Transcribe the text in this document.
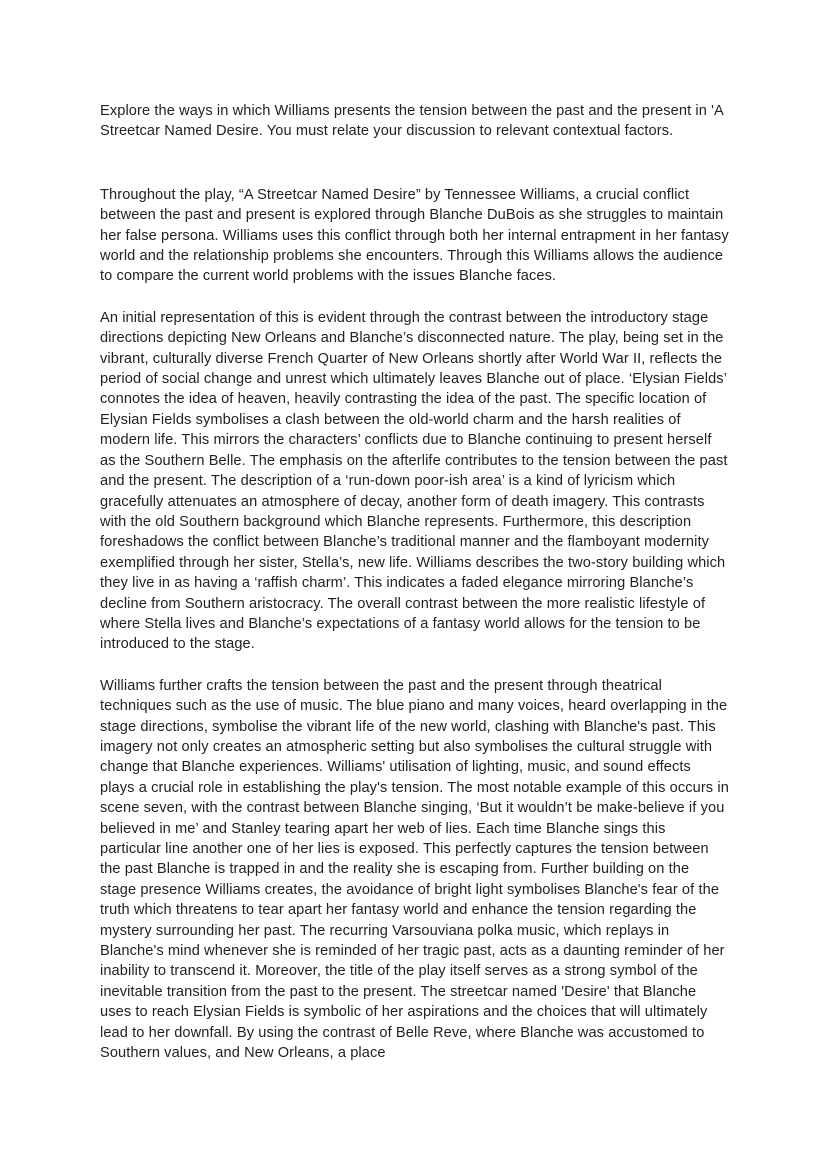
Explore the ways in which Williams presents the tension between the past and the present in 'A Streetcar Named Desire. You must relate your discussion to relevant contextual factors.

Throughout the play, “A Streetcar Named Desire” by Tennessee Williams, a crucial conflict between the past and present is explored through Blanche DuBois as she struggles to maintain her false persona. Williams uses this conflict through both her internal entrapment in her fantasy world and the relationship problems she encounters. Through this Williams allows the audience to compare the current world problems with the issues Blanche faces.

An initial representation of this is evident through the contrast between the introductory stage directions depicting New Orleans and Blanche’s disconnected nature. The play, being set in the vibrant, culturally diverse French Quarter of New Orleans shortly after World War II, reflects the period of social change and unrest which ultimately leaves Blanche out of place. ‘Elysian Fields’ connotes the idea of heaven, heavily contrasting the idea of the past. The specific location of Elysian Fields symbolises a clash between the old-world charm and the harsh realities of modern life. This mirrors the characters’ conflicts due to Blanche continuing to present herself as the Southern Belle. The emphasis on the afterlife contributes to the tension between the past and the present. The description of a ‘run-down poor-ish area’ is a kind of lyricism which gracefully attenuates an atmosphere of decay, another form of death imagery. This contrasts with the old Southern background which Blanche represents. Furthermore, this description foreshadows the conflict between Blanche’s traditional manner and the flamboyant modernity exemplified through her sister, Stella’s, new life. Williams describes the two-story building which they live in as having a ‘raffish charm’. This indicates a faded elegance mirroring Blanche’s decline from Southern aristocracy. The overall contrast between the more realistic lifestyle of where Stella lives and Blanche’s expectations of a fantasy world allows for the tension to be introduced to the stage.

Williams further crafts the tension between the past and the present through theatrical techniques such as the use of music. The blue piano and many voices, heard overlapping in the stage directions, symbolise the vibrant life of the new world, clashing with Blanche's past. This imagery not only creates an atmospheric setting but also symbolises the cultural struggle with change that Blanche experiences. Williams' utilisation of lighting, music, and sound effects plays a crucial role in establishing the play's tension. The most notable example of this occurs in scene seven, with the contrast between Blanche singing, ‘But it wouldn’t be make-believe if you believed in me’ and Stanley tearing apart her web of lies. Each time Blanche sings this particular line another one of her lies is exposed. This perfectly captures the tension between the past Blanche is trapped in and the reality she is escaping from. Further building on the stage presence Williams creates, the avoidance of bright light symbolises Blanche's fear of the truth which threatens to tear apart her fantasy world and enhance the tension regarding the mystery surrounding her past. The recurring Varsouviana polka music, which replays in Blanche's mind whenever she is reminded of her tragic past, acts as a daunting reminder of her inability to transcend it. Moreover, the title of the play itself serves as a strong symbol of the inevitable transition from the past to the present. The streetcar named 'Desire' that Blanche uses to reach Elysian Fields is symbolic of her aspirations and the choices that will ultimately lead to her downfall. By using the contrast of Belle Reve, where Blanche was accustomed to Southern values, and New Orleans, a place
